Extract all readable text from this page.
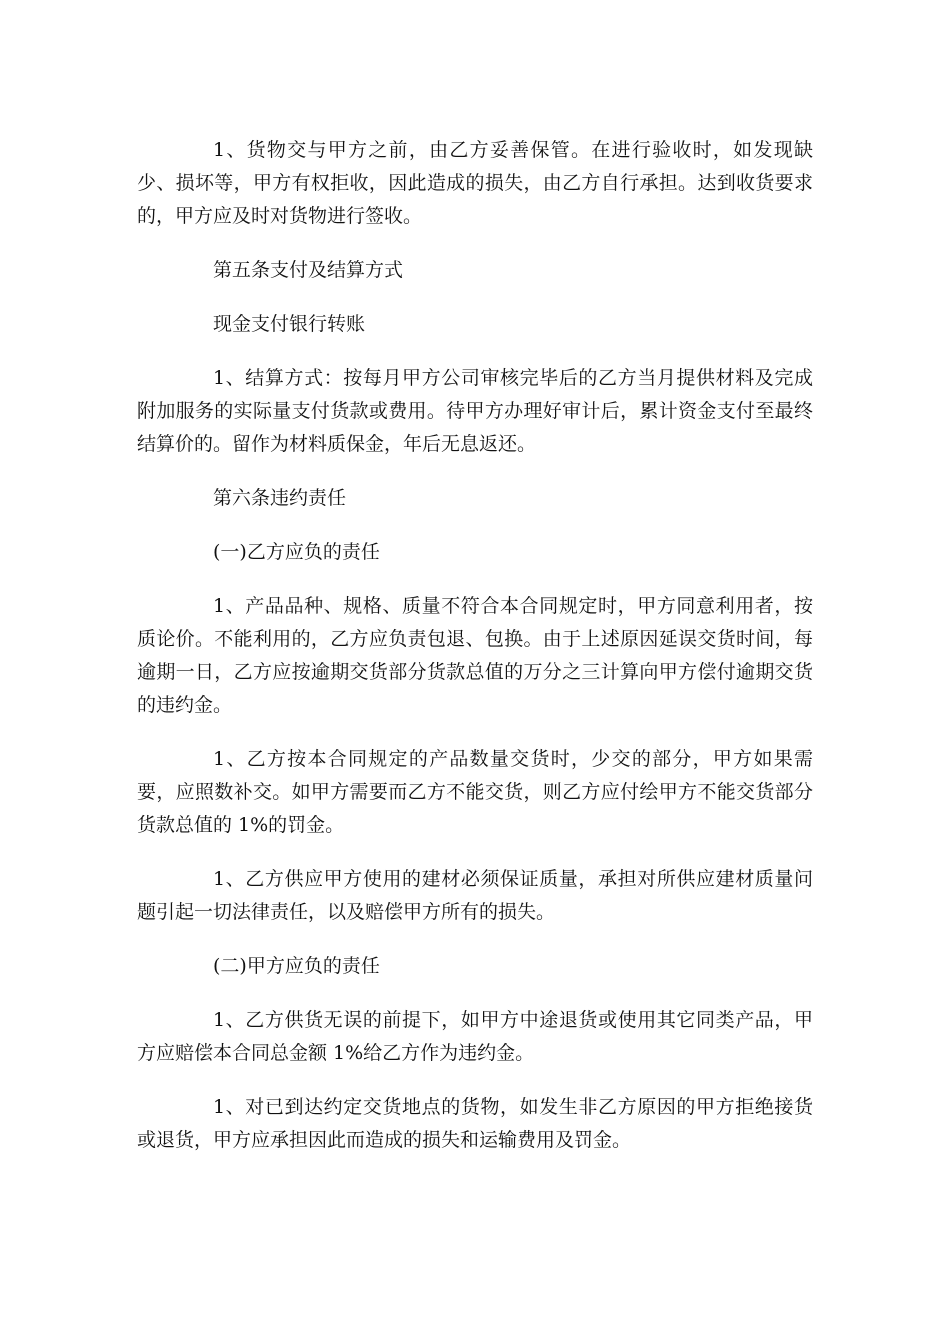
1、货物交与甲方之前，由乙方妥善保管。在进行验收时，如发现缺少、损坏等，甲方有权拒收，因此造成的损失，由乙方自行承担。达到收货要求的，甲方应及时对货物进行签收。

第五条支付及结算方式

现金支付银行转账

1、结算方式：按每月甲方公司审核完毕后的乙方当月提供材料及完成附加服务的实际量支付货款或费用。待甲方办理好审计后，累计资金支付至最终结算价的。留作为材料质保金，年后无息返还。

第六条违约责任

(一)乙方应负的责任

1、产品品种、规格、质量不符合本合同规定时，甲方同意利用者，按质论价。不能利用的，乙方应负责包退、包换。由于上述原因延误交货时间，每逾期一日，乙方应按逾期交货部分货款总值的万分之三计算向甲方偿付逾期交货的违约金。

1、乙方按本合同规定的产品数量交货时，少交的部分，甲方如果需要，应照数补交。如甲方需要而乙方不能交货，则乙方应付绘甲方不能交货部分货款总值的 1%的罚金。

1、乙方供应甲方使用的建材必须保证质量，承担对所供应建材质量问题引起一切法律责任，以及赔偿甲方所有的损失。

(二)甲方应负的责任

1、乙方供货无误的前提下，如甲方中途退货或使用其它同类产品，甲方应赔偿本合同总金额 1%给乙方作为违约金。

1、对已到达约定交货地点的货物，如发生非乙方原因的甲方拒绝接货或退货，甲方应承担因此而造成的损失和运输费用及罚金。
